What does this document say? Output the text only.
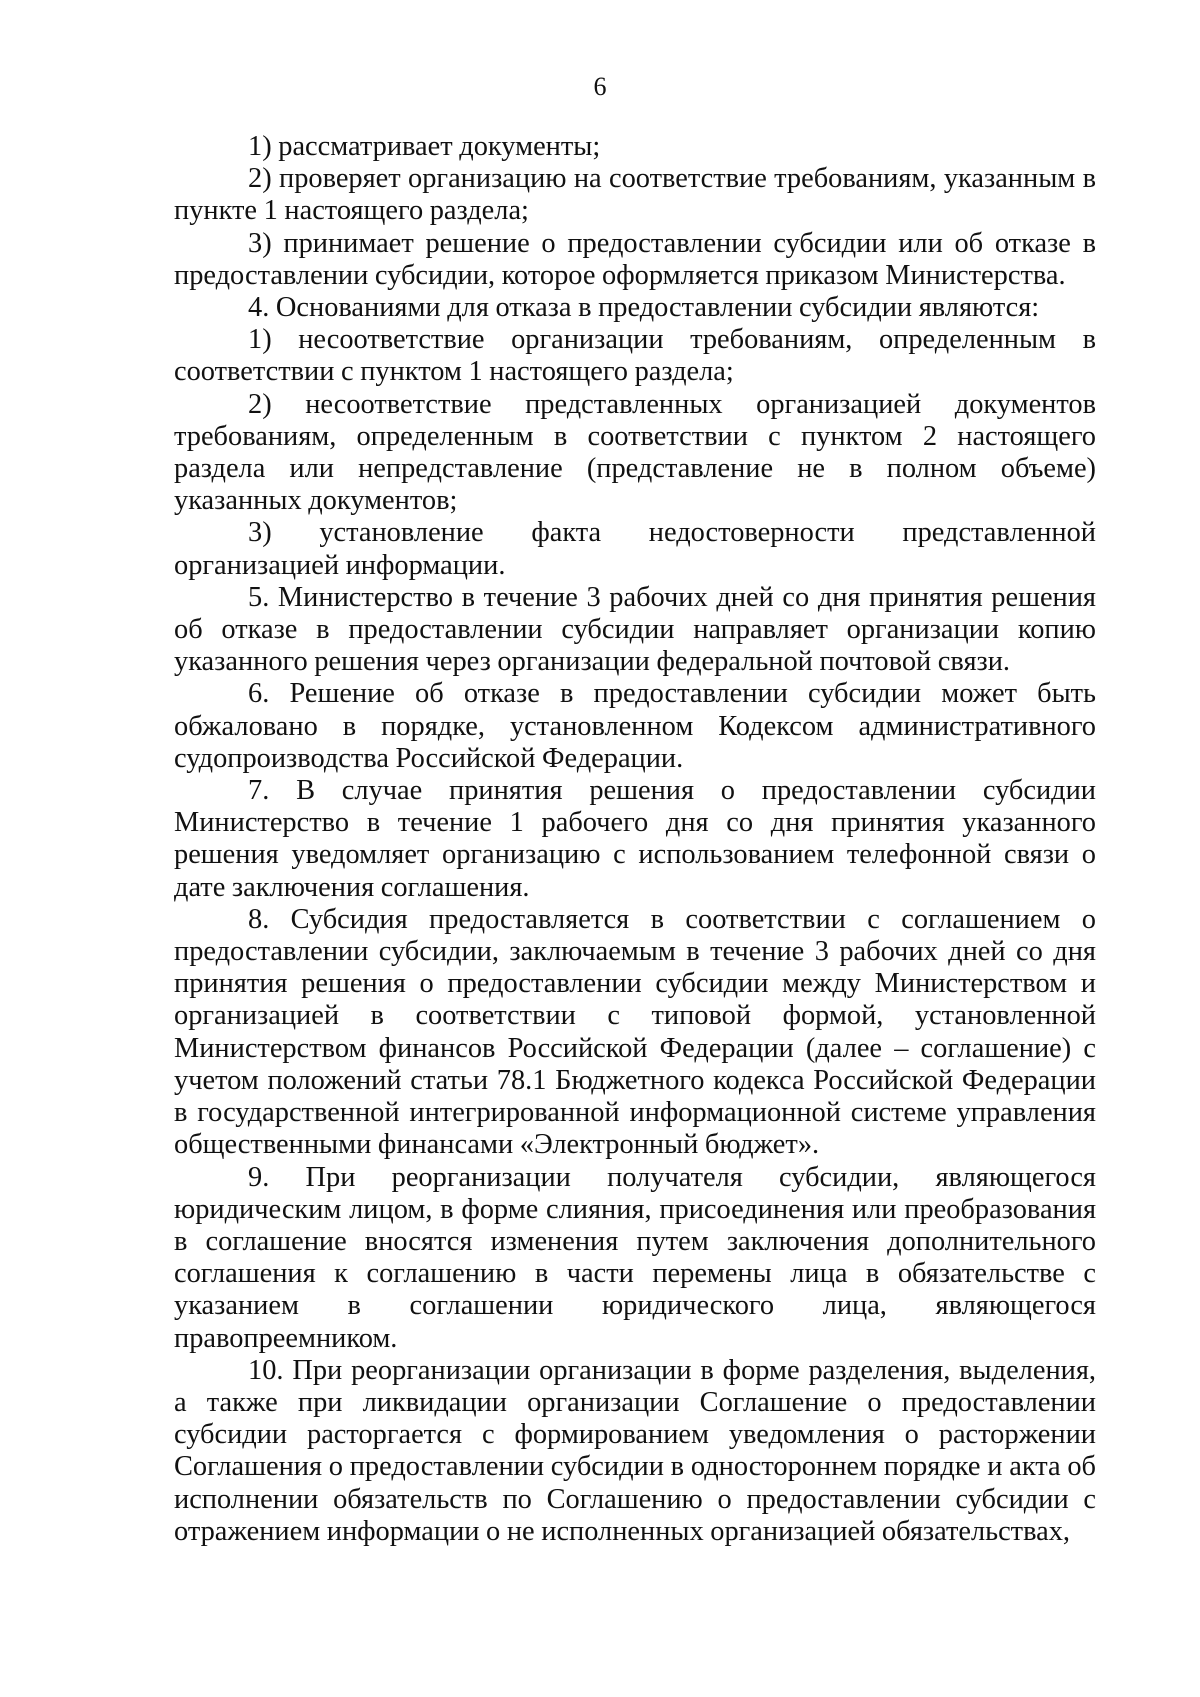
6

1) рассматривает документы;

2) проверяет организацию на соответствие требованиям, указанным в пункте 1 настоящего раздела;

3) принимает решение о предоставлении субсидии или об отказе в предоставлении субсидии, которое оформляется приказом Министерства.

4. Основаниями для отказа в предоставлении субсидии являются:

1) несоответствие организации требованиям, определенным в соответствии с пунктом 1 настоящего раздела;

2) несоответствие представленных организацией документов требованиям, определенным в соответствии с пунктом 2 настоящего раздела или непредставление (представление не в полном объеме) указанных документов;

3) установление факта недостоверности представленной организацией информации.

5. Министерство в течение 3 рабочих дней со дня принятия решения об отказе в предоставлении субсидии направляет организации копию указанного решения через организации федеральной почтовой связи.

6. Решение об отказе в предоставлении субсидии может быть обжаловано в порядке, установленном Кодексом административного судопроизводства Российской Федерации.

7. В случае принятия решения о предоставлении субсидии Министерство в течение 1 рабочего дня со дня принятия указанного решения уведомляет организацию с использованием телефонной связи о дате заключения соглашения.

8. Субсидия предоставляется в соответствии с соглашением о предоставлении субсидии, заключаемым в течение 3 рабочих дней со дня принятия решения о предоставлении субсидии между Министерством и организацией в соответствии с типовой формой, установленной Министерством финансов Российской Федерации (далее – соглашение) с учетом положений статьи 78.1 Бюджетного кодекса Российской Федерации в государственной интегрированной информационной системе управления общественными финансами «Электронный бюджет».

9. При реорганизации получателя субсидии, являющегося юридическим лицом, в форме слияния, присоединения или преобразования в соглашение вносятся изменения путем заключения дополнительного соглашения к соглашению в части перемены лица в обязательстве с указанием в соглашении юридического лица, являющегося правопреемником.

10. При реорганизации организации в форме разделения, выделения, а также при ликвидации организации Соглашение о предоставлении субсидии расторгается с формированием уведомления о расторжении Соглашения о предоставлении субсидии в одностороннем порядке и акта об исполнении обязательств по Соглашению о предоставлении субсидии с отражением информации о не исполненных организацией обязательствах,
